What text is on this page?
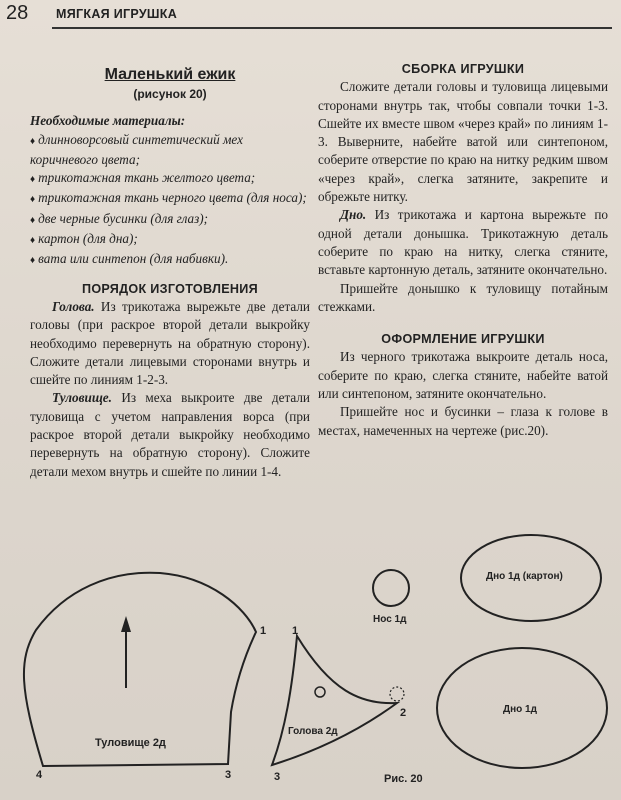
28 МЯГКАЯ ИГРУШКА
Маленький ежик
(рисунок 20)
Необходимые материалы:
♦ длинноворсовый синтетический мех коричневого цвета;
♦ трикотажная ткань желтого цвета;
♦ трикотажная ткань черного цвета (для носа);
♦ две черные бусинки (для глаз);
♦ картон (для дна);
♦ вата или синтепон (для набивки).
ПОРЯДОК ИЗГОТОВЛЕНИЯ

Голова. Из трикотажа вырежьте две детали головы (при раскрое второй детали выкройку необходимо перевернуть на обратную сторону). Сложите детали лицевыми сторонами внутрь и сшейте по линиям 1-2-3.

Туловище. Из меха выкроите две детали туловища с учетом направления ворса (при раскрое второй детали выкройку необходимо перевернуть на обратную сторону). Сложите детали мехом внутрь и сшейте по линии 1-4.

СБОРКА ИГРУШКИ

Сложите детали головы и туловища лицевыми сторонами внутрь так, чтобы совпали точки 1-3. Сшейте их вместе швом «через край» по линиям 1-3. Выверните, набейте ватой или синтепоном, соберите отверстие по краю на нитку редким швом «через край», слегка затяните, закрепите и обрежьте нитку.

Дно. Из трикотажа и картона вырежьте по одной детали донышка. Трикотажную деталь соберите по краю на нитку, слегка стяните, вставьте картонную деталь, затяните окончательно.

Пришейте донышко к туловищу потайным стежками.

ОФОРМЛЕНИЕ ИГРУШКИ

Из черного трикотажа выкроите деталь носа, соберите по краю, слегка стяните, набейте ватой или синтепоном, затяните окончательно.

Пришейте нос и бусинки – глаза к голове в местах, намеченных на чертеже (рис.20).

Туловище 2д
Голова 2д
Нос 1д
Дно 1д (картон)
Дно 1д
Рис. 20
1
3
4
1
2
3
